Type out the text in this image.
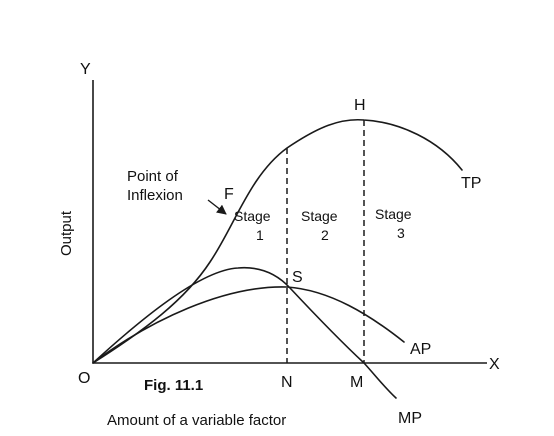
Y
X
O
Output
F
H
S
N	M
TP
AP
MP
Point of
Inflexion
Stage
1
Stage
2
Stage
3
Fig. 11.1
Amount of a variable factor
